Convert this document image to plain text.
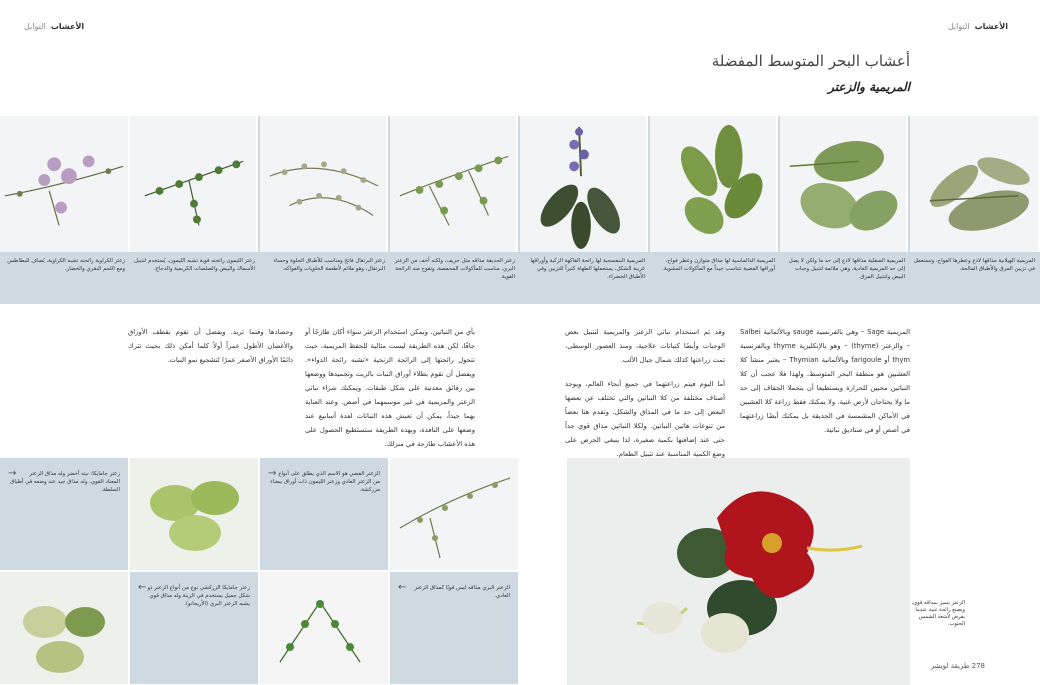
الأعشاب  التوابل
الأعشاب  التوابل
أعشاب البحر المتوسط المفضلة
المريمية والزعتر
المريمية الهيلانية مذاقها لاذع وعطرها الفواح، وتستعمل في تزيين المرق والأطباق المالحة.
المريمية الصقلية مذاقها لاذع إلى حد ما ولكن لا يصل إلى حد المريمية العادية، وهي ملائمة لتتبيل وجبات البيض ولتتبيل المرق.
المريمية الدالماسية لها مذاق متوازن وعطر فواح، أوراقها الفضية تتناسب جيداً مع المأكولات المشوية.
المريمية البنفسجية لها رائحة الفاكهة الزكية وأوراقها غريبة الشكل، يستعملها الطهاة كثيراً للتزيين وفي الأطباق الخضراء.
زعتر الحديقة مذاقه مثل حريف، ولكنه أخف من الزعتر البري، مناسب للمأكولات المحمصة، وتفوح منه الرائحة القوية.
زعتر البرتقال فاتح ومناسب للأطباق الحلوة وحساء البرتقال، وهو ملائم لأطعمة الحلويات والفواكه.
زعتر الليمون رائحته قوية تشبه الليمون، يُستخدم لتتبيل الأسماك والبيض والصلصات الكريمية والدجاج.
زعتر الكراوية رائحته تشبه الكراوية، يُضاف للبطاطس ومع اللحم البقري والخضار.

المريمية Sage – وهي بالفرنسية sauge وبالألمانية Salbei – والزعتر (thyme) – وهو بالإنكليزية thyme وبالفرنسية thym أو farigoule وبالألمانية Thymian – يعتبر منشأ كلا العشبين هو منطقة البحر المتوسط، ولهذا فلا عجب أن كلا النباتين محبين للحرارة ويستطيعا أن يتحملا الجفاف إلى حد ما ولا يحتاجان لأرض غنية. ولا يمكنك فقط زراعة كلا العشبين في الأماكن المشمسة في الحديقة بل يمكنك أيضًا زراعتهما في أصص أو في صناديق نباتية.

وقد تم استخدام نباتي الزعتر والمريمية لتتبيل بعض الوجبات وأيضًا كنباتات علاجية، ومنذ العصور الوسطى، تمت زراعتها كذلك شمال جبال الألب.

أما اليوم فيتم زراعتهما في جميع أنحاء العالم، ويوجد أصناف مختلفة من كلا النباتين والتي تختلف عن بعضها البعض إلى حد ما في المذاق والشكل. وتقدم هنا بعضاً من تنوعات هاتين النباتين. ولكلا النباتين مذاق قوي جداً حتى عند إضافتها بكمية صغيرة، لذا ينبغي الحرص على وضع الكمية المناسبة عند تتبيل الطعام.

بأي من النباتين. ويمكن استخدام الزعتر سواء أكان طازجًا أو جافًا، لكن هذه الطريقة ليست مثالية للحفظ المريمية، حيث تتحول رائحتها إلى الرائحة الزنخية «تشبه رائحة الدواء». ويفضل أن تقوم بطلاء أوراق النبات بالزيت وتجميدها ووضعها بين رقائق معدنية على شكل طبقات. ويمكنك شراء نباتي الزعتر والمريمية في غير موسمهما في أصص. وعند العناية بهما جيداً، يمكن أن تعيش هذه النباتات لعدة أسابيع عند وضعها على النافذة، وبهذه الطريقة ستستطيع الحصول على هذه الأعشاب طازجة في منزلك.

وحصادها وقتما تريد. ويفضل أن تقوم بقطف الأوراق والأغصان الأطول عمراً أولاً كلما أمكن ذلك بحيث تترك دائمًا الأوراق الأصغر عمرًا لتشجيع نمو النبات.

→ الزعتر الفضي هو الاسم الذي يطلق على أنواع من الزعتر العادي وزعتر الليمون ذات أوراق بيضاء مزركشة.
→ زعتر جامايكا: نبته أخضر وله مذاق الزعتر المعتاد القوي، وله مذاق جيد عند وضعه في أطباق السلطة.
← الزعتر البري مذاقه ليس قويًا كمذاق الزعتر العادي.
← زعتر جامايكا الزركشي نوع من أنواع الزعتر ذو شكل جميل يستخدم في الزينة وله مذاق قوي يشبه الزعتر البري (الأريجانو).	الزعتر يتميز بمذاقه قوي، ويصنع رائحة غنية عندما يفرض لأشعة الشمس الجنوب.
278 طريقة لويشر
